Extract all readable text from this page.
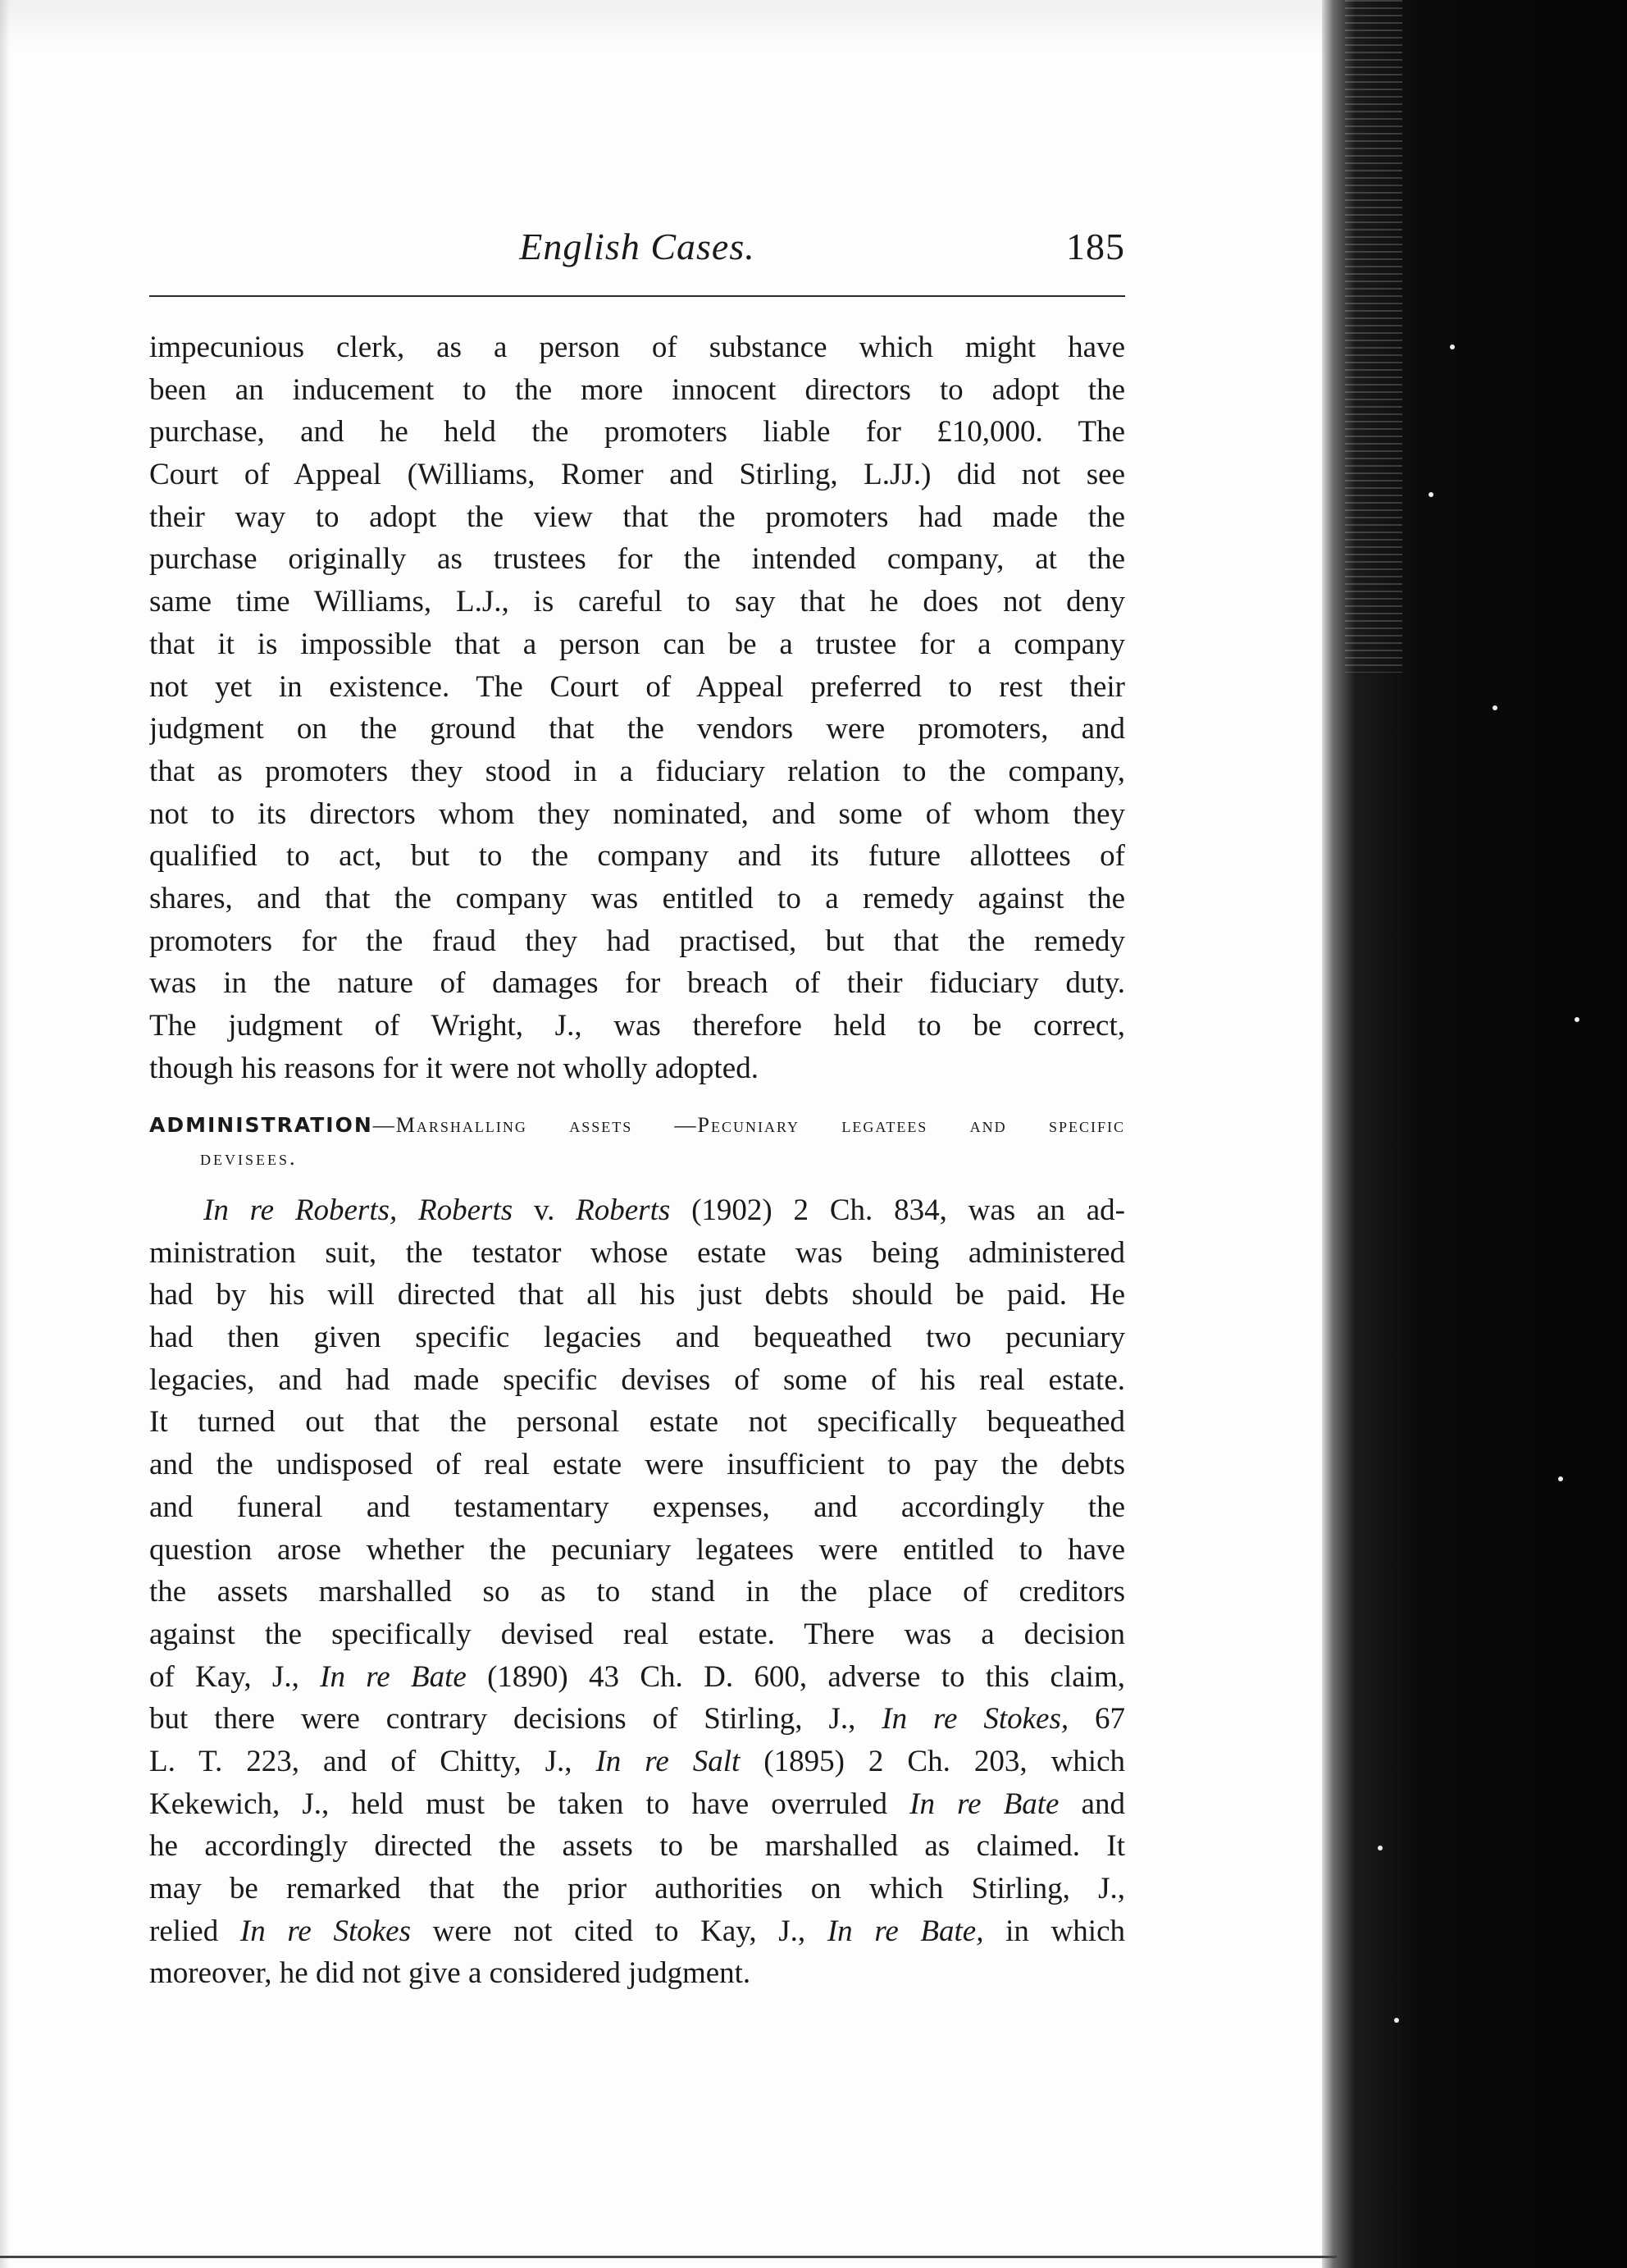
English Cases.	185
impecunious clerk, as a person of substance which might have
been an inducement to the more innocent directors to adopt the
purchase, and he held the promoters liable for £10,000. The
Court of Appeal (Williams, Romer and Stirling, L.JJ.) did not see
their way to adopt the view that the promoters had made the
purchase originally as trustees for the intended company, at the
same time Williams, L.J., is careful to say that he does not deny
that it is impossible that a person can be a trustee for a company
not yet in existence. The Court of Appeal preferred to rest their
judgment on the ground that the vendors were promoters, and
that as promoters they stood in a fiduciary relation to the company,
not to its directors whom they nominated, and some of whom they
qualified to act, but to the company and its future allottees of
shares, and that the company was entitled to a remedy against the
promoters for the fraud they had practised, but that the remedy
was in the nature of damages for breach of their fiduciary duty.
The judgment of Wright, J., was therefore held to be correct,
though his reasons for it were not wholly adopted.
ADMINISTRATION—Marshalling assets —Pecuniary legatees and specific
devisees.
In re Roberts, Roberts v. Roberts (1902) 2 Ch. 834, was an ad-
ministration suit, the testator whose estate was being administered
had by his will directed that all his just debts should be paid. He
had then given specific legacies and bequeathed two pecuniary
legacies, and had made specific devises of some of his real estate.
It turned out that the personal estate not specifically bequeathed
and the undisposed of real estate were insufficient to pay the debts
and funeral and testamentary expenses, and accordingly the
question arose whether the pecuniary legatees were entitled to have
the assets marshalled so as to stand in the place of creditors
against the specifically devised real estate. There was a decision
of Kay, J., In re Bate (1890) 43 Ch. D. 600, adverse to this claim,
but there were contrary decisions of Stirling, J., In re Stokes, 67
L. T. 223, and of Chitty, J., In re Salt (1895) 2 Ch. 203, which
Kekewich, J., held must be taken to have overruled In re Bate and
he accordingly directed the assets to be marshalled as claimed. It
may be remarked that the prior authorities on which Stirling, J.,
relied In re Stokes were not cited to Kay, J., In re Bate, in which
moreover, he did not give a considered judgment.
